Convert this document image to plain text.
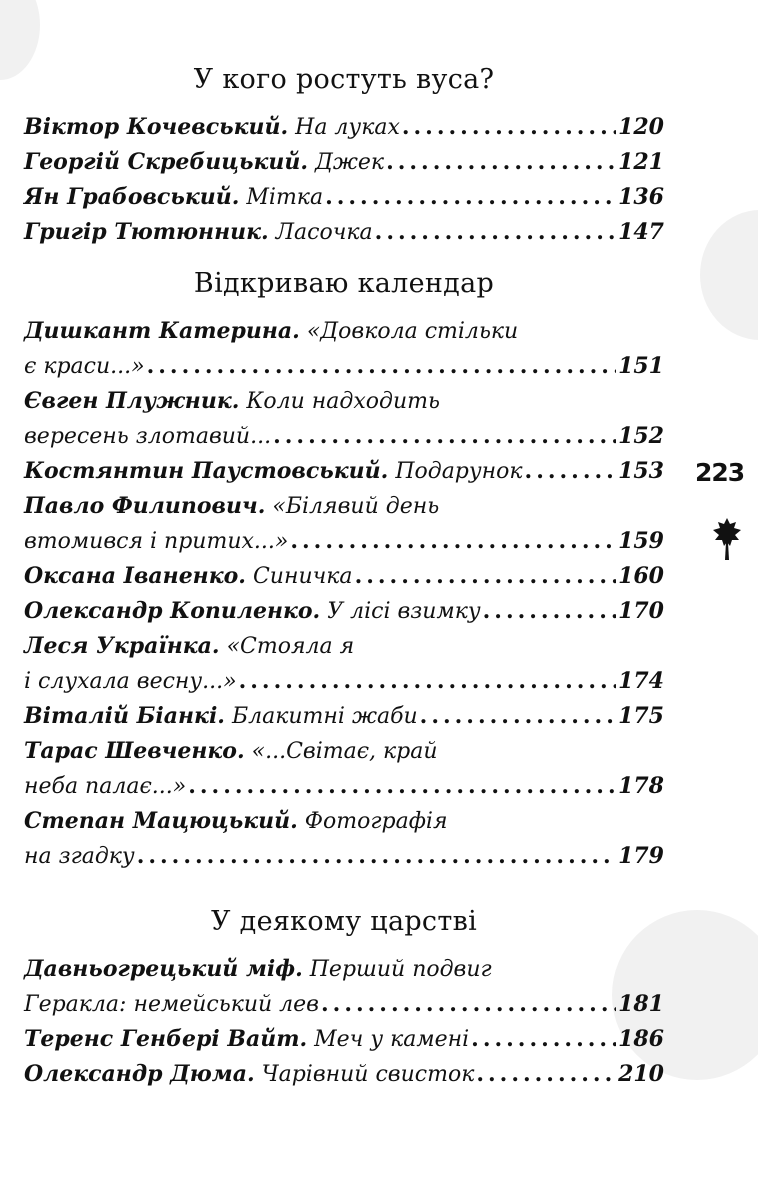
У кого ростуть вуса?
Віктор Кочевський. На луках .....	120
Георгій Скребицький. Джек .....	121
Ян Грабовський. Мітка .....	136
Григір Тютюнник. Ласочка .....	147
Відкриваю календар
Дишкант Катерина. «Довкола стільки
є краси...» .....	151
Євген Плужник. Коли надходить
вересень злотавий... .....	152
Костянтин Паустовський. Подарунок .....	153
Павло Филипович. «Білявий день
втомився і притих...» .....	159
Оксана Іваненко. Синичка .....	160
Олександр Копиленко. У лісі взимку .....	170
Леся Українка. «Стояла я
і слухала весну...» .....	174
Віталій Біанкі. Блакитні жаби .....	175
Тарас Шевченко. «...Світає, край
неба палає...» .....	178
Степан Мацюцький. Фотографія
на згадку .....	179
У деякому царстві
Давньогрецький міф. Перший подвиг
Геракла: немейський лев .....	181
Теренс Генбері Вайт. Меч у камені .....	186
Олександр Дюма. Чарівний свисток .....	210
223
